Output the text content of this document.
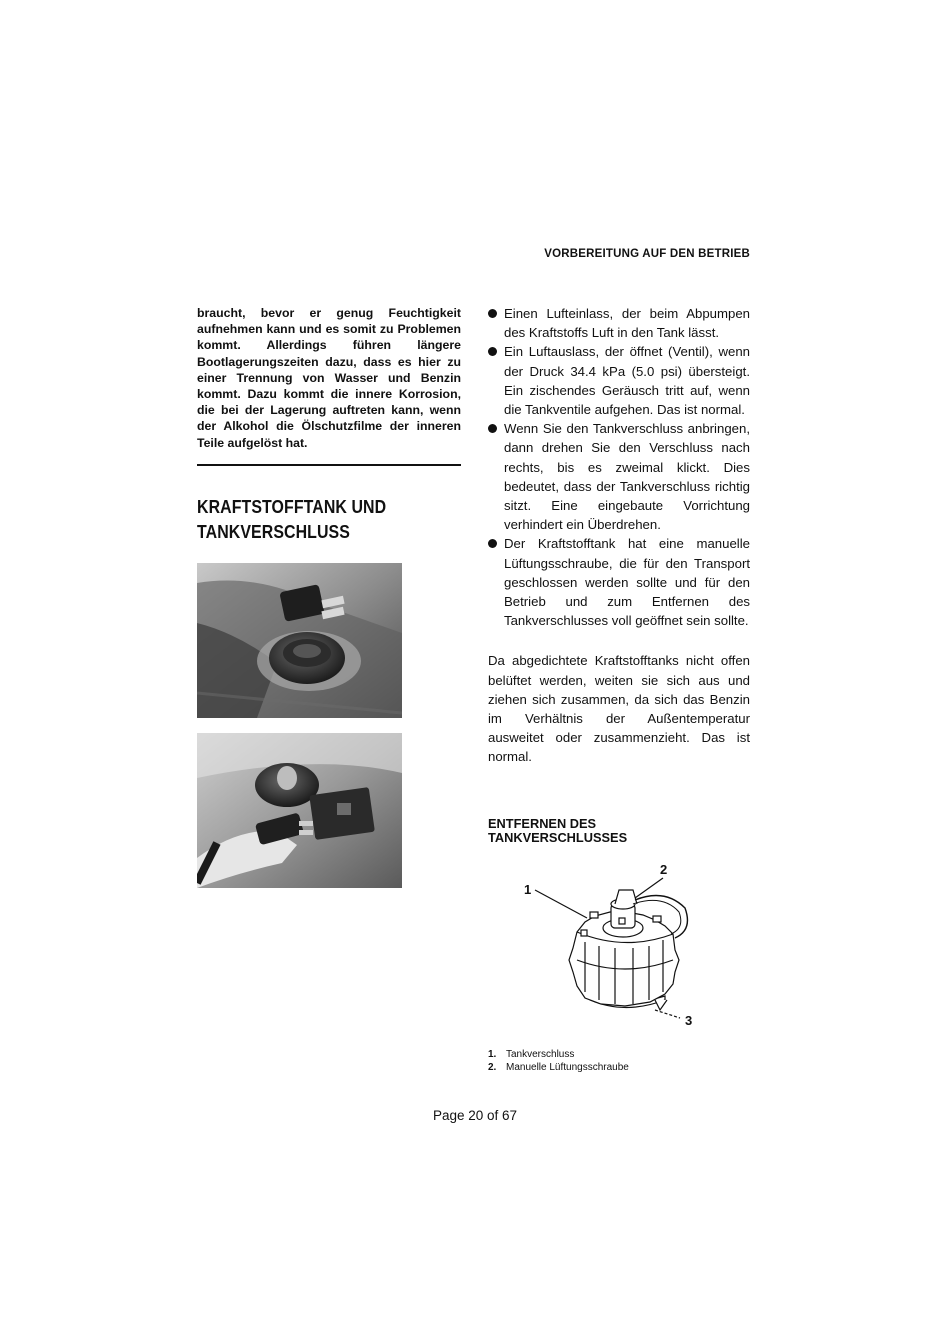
VORBEREITUNG AUF DEN BETRIEB

braucht, bevor er genug Feuchtigkeit aufnehmen kann und es somit zu Problemen kommt. Allerdings führen längere Bootlagerungszeiten dazu, dass es hier zu einer Trennung von Wasser und Benzin kommt. Dazu kommt die innere Korrosion, die bei der Lagerung auftreten kann, wenn der Alkohol die Ölschutzfilme der inneren Teile aufgelöst hat.

KRAFTSTOFFTANK UND
TANKVERSCHLUSS
Einen Lufteinlass, der beim Abpumpen des Kraftstoffs Luft in den Tank lässt.
Ein Luftauslass, der öffnet (Ventil), wenn der Druck 34.4 kPa (5.0 psi) übersteigt. Ein zischendes Geräusch tritt auf, wenn die Tankventile aufgehen. Das ist normal.
Wenn Sie den Tankverschluss anbringen, dann drehen Sie den Verschluss nach rechts, bis es zweimal klickt. Dies bedeutet, dass der Tankverschluss richtig sitzt. Eine eingebaute Vorrichtung verhindert ein Überdrehen.
Der Kraftstofftank hat eine manuelle Lüftungsschraube, die für den Transport geschlossen werden sollte und für den Betrieb und zum Entfernen des Tankverschlusses voll geöffnet sein sollte.

Da abgedichtete Kraftstofftanks nicht offen belüftet werden, weiten sie sich aus und ziehen sich zusammen, da sich das Benzin im Verhältnis der Außentemperatur ausweitet oder zusammenzieht. Das ist normal.

ENTFERNEN DES
TANKVERSCHLUSSES
1
2
3
1. Tankverschluss
2. Manuelle Lüftungsschraube
Page 20 of 67
